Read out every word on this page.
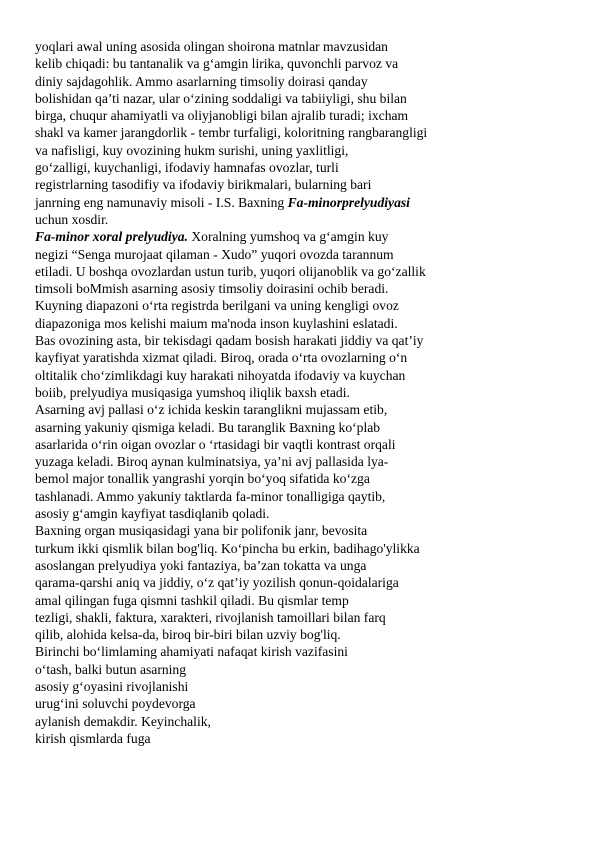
yoqlari awal uning asosida olingan shoirona matnlar mavzusidan
kelib chiqadi: bu tantanalik va g‘amgin lirika, quvonchli parvoz va
diniy sajdagohlik. Ammo asarlarning timsoliy doirasi qanday
bolishidan qa’ti nazar, ular o‘zining soddaligi va tabiiyligi, shu bilan
birga, chuqur ahamiyatli va oliyjanobligi bilan ajralib turadi; ixcham
shakl va kamer jarangdorlik - tembr turfaligi, koloritning rangbarangligi
va nafisligi, kuy ovozining hukm surishi, uning yaxlitligi,
go‘zalligi, kuychanligi, ifodaviy hamnafas ovozlar, turli
registrlarning tasodifiy va ifodaviy birikmalari, bularning bari
janrning eng namunaviy misoli - I.S. Baxning Fa-minorprelyudiyasi
uchun xosdir.
Fa-minor xoral prelyudiya. Xoralning yumshoq va g‘amgin kuy
negizi “Senga murojaat qilaman - Xudo” yuqori ovozda tarannum
etiladi. U boshqa ovozlardan ustun turib, yuqori olijanoblik va go‘zallik
timsoli boMmish asarning asosiy timsoliy doirasini ochib beradi.
Kuyning diapazoni o‘rta registrda berilgani va uning kengligi ovoz
diapazoniga mos kelishi maium ma'noda inson kuylashini eslatadi.
Bas ovozining asta, bir tekisdagi qadam bosish harakati jiddiy va qat’iy
kayfiyat yaratishda xizmat qiladi. Biroq, orada o‘rta ovozlarning o‘n
oltitalik cho‘zimlikdagi kuy harakati nihoyatda ifodaviy va kuychan
boiib, prelyudiya musiqasiga yumshoq iliqlik baxsh etadi.
Asarning avj pallasi o‘z ichida keskin taranglikni mujassam etib,
asarning yakuniy qismiga keladi. Bu taranglik Baxning ko‘plab
asarlarida o‘rin oigan ovozlar o ‘rtasidagi bir vaqtli kontrast orqali
yuzaga keladi. Biroq aynan kulminatsiya, ya’ni avj pallasida lya-
bemol major tonallik yangrashi yorqin bo‘yoq sifatida ko‘zga
tashlanadi. Ammo yakuniy taktlarda fa-minor tonalligiga qaytib,
asosiy g‘amgin kayfiyat tasdiqlanib qoladi.
Baxning organ musiqasidagi yana bir polifonik janr, bevosita
turkum ikki qismlik bilan bog'liq. Ko‘pincha bu erkin, badihago'ylikka
asoslangan prelyudiya yoki fantaziya, ba’zan tokatta va unga
qarama-qarshi aniq va jiddiy, o‘z qat’iy yozilish qonun-qoidalariga
amal qilingan fuga qismni tashkil qiladi. Bu qismlar temp
tezligi, shakli, faktura, xarakteri, rivojlanish tamoillari bilan farq
qilib, alohida kelsa-da, biroq bir-biri bilan uzviy bog'liq.
Birinchi bo‘limlaming ahamiyati nafaqat kirish vazifasini
o‘tash, balki butun asarning
asosiy g‘oyasini rivojlanishi
urug‘ini soluvchi poydevorga
aylanish demakdir. Keyinchalik,
kirish qismlarda fuga
